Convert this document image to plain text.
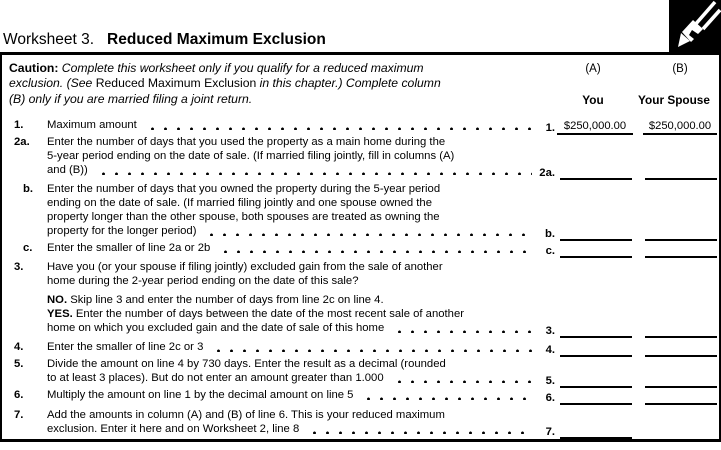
Worksheet 3. Reduced Maximum Exclusion
Caution: Complete this worksheet only if you qualify for a reduced maximum
exclusion. (See Reduced Maximum Exclusion in this chapter.) Complete column
(B) only if you are married filing a joint return.
(A)	(B)
You	Your Spouse
1.	Maximum amount	1. $250,000.00	$250,000.00
2a.	Enter the number of days that you used the property as a main home during the
5-year period ending on the date of sale. (If married filing jointly, fill in columns (A)
and (B))	2a.
b.	Enter the number of days that you owned the property during the 5-year period
ending on the date of sale. (If married filing jointly and one spouse owned the
property longer than the other spouse, both spouses are treated as owning the
property for the longer period)	b.
c.	Enter the smaller of line 2a or 2b	c.
3.	Have you (or your spouse if filing jointly) excluded gain from the sale of another
home during the 2-year period ending on the date of this sale?
NO. Skip line 3 and enter the number of days from line 2c on line 4.
YES. Enter the number of days between the date of the most recent sale of another
home on which you excluded gain and the date of sale of this home	3.
4.	Enter the smaller of line 2c or 3	4.
5.	Divide the amount on line 4 by 730 days. Enter the result as a decimal (rounded
to at least 3 places). But do not enter an amount greater than 1.000	5.
6.	Multiply the amount on line 1 by the decimal amount on line 5	6.
7.	Add the amounts in column (A) and (B) of line 6. This is your reduced maximum
exclusion. Enter it here and on Worksheet 2, line 8	7.
